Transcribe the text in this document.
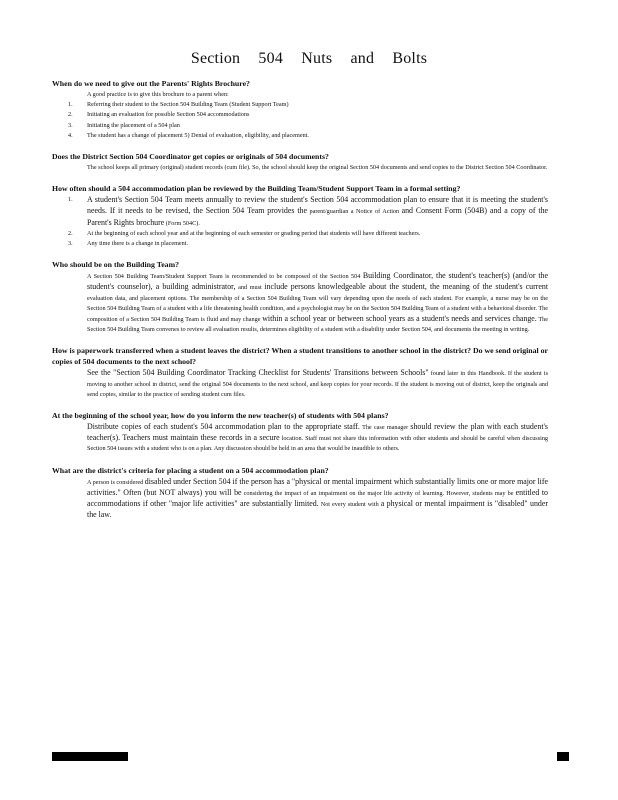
Section 504 Nuts and Bolts
When do we need to give out the Parents' Rights Brochure?
A good practice is to give this brochure to a parent when:
1.	Referring their student to the Section 504 Building Team (Student Support Team)
2.	Initiating an evaluation for possible Section 504 accommodations
3.	Initiating the placement of a 504 plan
4.	The student has a change of placement 5) Denial of evaluation, eligibility, and placement.
Does the District Section 504 Coordinator get copies or originals of 504 documents?
The school keeps all primary (original) student records (cum file). So, the school should keep the original Section 504 documents and send copies to the District Section 504 Coordinator.
How often should a 504 accommodation plan be reviewed by the Building Team/Student Support Team in a formal setting?
1.	A student's Section 504 Team meets annually to review the student's Section 504 accommodation plan to ensure that it is meeting the student's needs. If it needs to be revised, the Section 504 Team provides the parent/guardian a Notice of Action and Consent Form (504B) and a copy of the Parent's Rights brochure (Form 504C).
2.	At the beginning of each school year and at the beginning of each semester or grading period that students will have different teachers.
3.	Any time there is a change in placement.
Who should be on the Building Team?
A Section 504 Building Team/Student Support Team is recommended to be composed of the Section 504 Building Coordinator, the student's teacher(s) (and/or the student's counselor), a building administrator, and must include persons knowledgeable about the student, the meaning of the student's current evaluation data, and placement options. The membership of a Section 504 Building Team will vary depending upon the needs of each student. For example, a nurse may be on the Section 504 Building Team of a student with a life threatening health condition, and a psychologist may be on the Section 504 Building Team of a student with a behavioral disorder. The composition of a Section 504 Building Team is fluid and may change within a school year or between school years as a student's needs and services change. The Section 504 Building Team convenes to review all evaluation results, determines eligibility of a student with a disability under Section 504, and documents the meeting in writing.
How is paperwork transferred when a student leaves the district? When a student transitions to another school in the district? Do we send original or copies of 504 documents to the next school?
See the "Section 504 Building Coordinator Tracking Checklist for Students' Transitions between Schools" found later in this Handbook. If the student is moving to another school in district, send the original 504 documents to the next school, and keep copies for your records. If the student is moving out of district, keep the originals and send copies, similar to the practice of sending student cum files.
At the beginning of the school year, how do you inform the new teacher(s) of students with 504 plans?
Distribute copies of each student's 504 accommodation plan to the appropriate staff. The case manager should review the plan with each student's teacher(s). Teachers must maintain these records in a secure location. Staff must not share this information with other students and should be careful when discussing Section 504 issues with a student who is on a plan. Any discussion should be held in an area that would be inaudible to others.
What are the district's criteria for placing a student on a 504 accommodation plan?
A person is considered disabled under Section 504 if the person has a "physical or mental impairment which substantially limits one or more major life activities." Often (but NOT always) you will be considering the impact of an impairment on the major life activity of learning. However, students may be entitled to accommodations if other "major life activities" are substantially limited. Not every student with a physical or mental impairment is "disabled" under the law.
